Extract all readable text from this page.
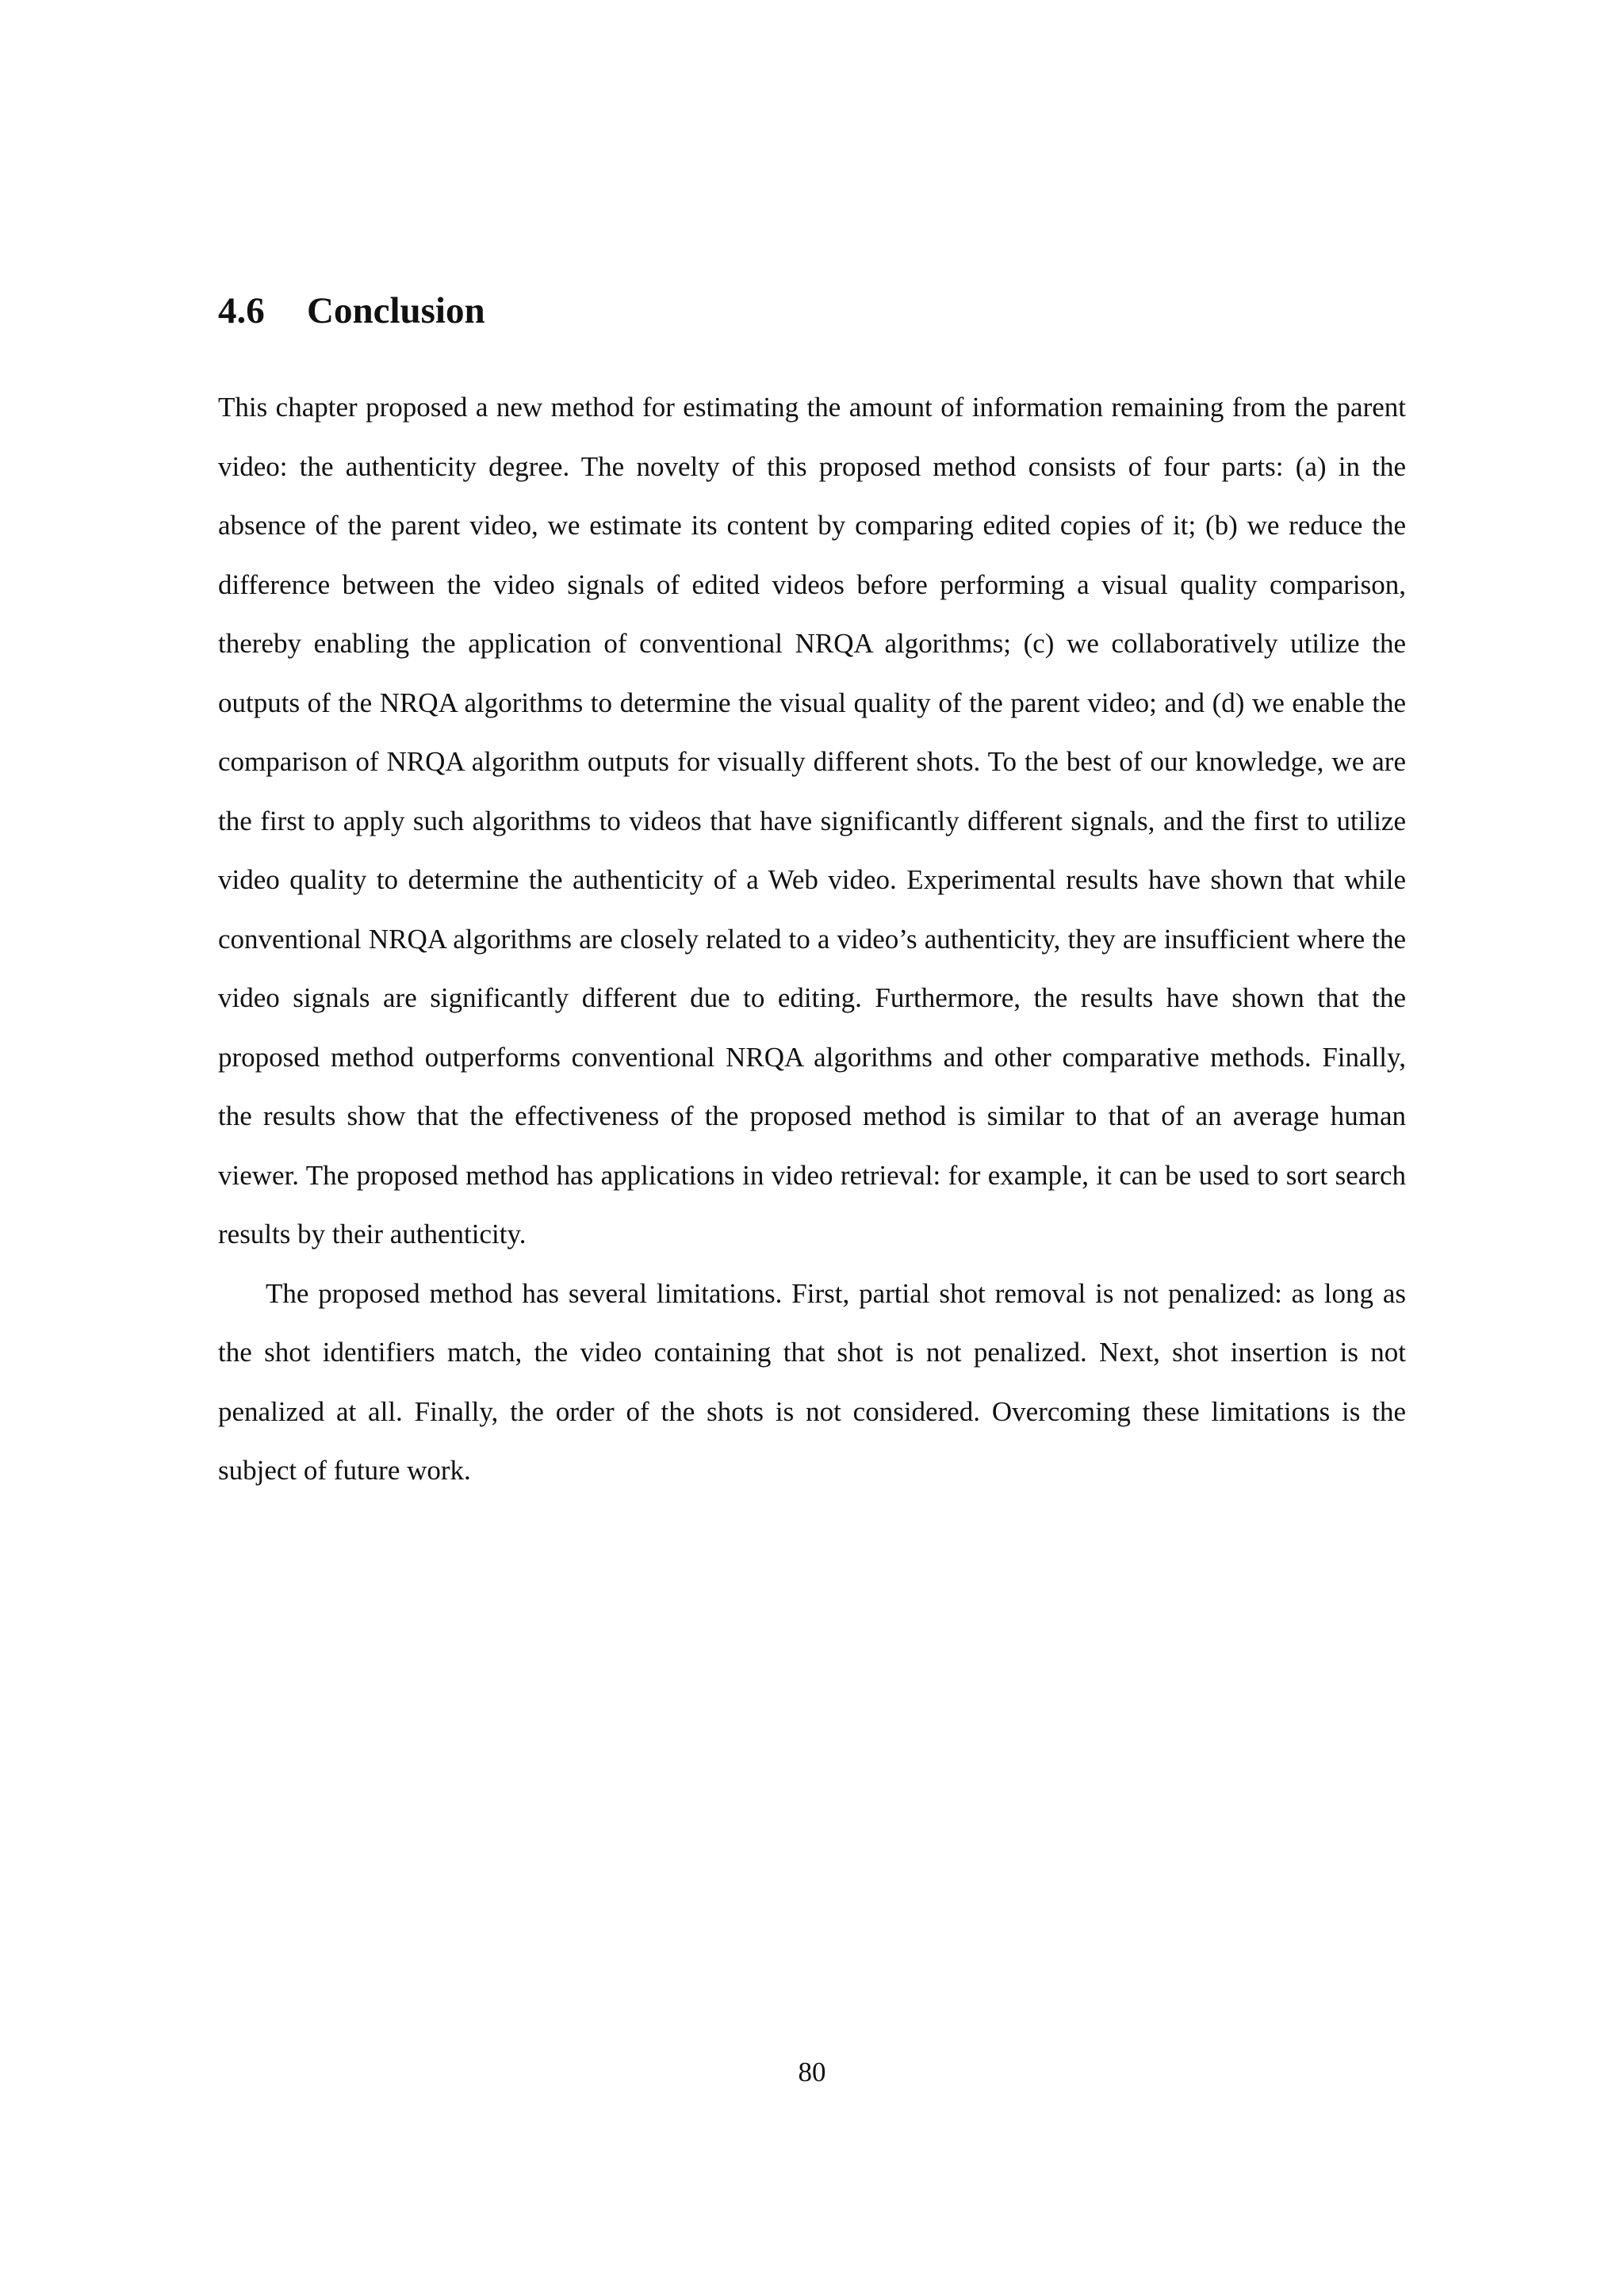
4.6 Conclusion

This chapter proposed a new method for estimating the amount of information remaining from the parent video: the authenticity degree. The novelty of this proposed method consists of four parts: (a) in the absence of the parent video, we estimate its content by comparing edited copies of it; (b) we reduce the difference between the video signals of edited videos before performing a visual quality comparison, thereby enabling the application of conventional NRQA algorithms; (c) we collaboratively utilize the outputs of the NRQA algorithms to determine the visual quality of the parent video; and (d) we enable the comparison of NRQA algorithm outputs for visually different shots. To the best of our knowledge, we are the first to apply such algorithms to videos that have significantly different signals, and the first to utilize video quality to determine the authenticity of a Web video. Experimental results have shown that while conventional NRQA algorithms are closely related to a video’s authenticity, they are insufficient where the video signals are significantly different due to editing. Furthermore, the results have shown that the proposed method outperforms conventional NRQA algorithms and other comparative methods. Finally, the results show that the effectiveness of the proposed method is similar to that of an average human viewer. The proposed method has applications in video retrieval: for example, it can be used to sort search results by their authenticity.

The proposed method has several limitations. First, partial shot removal is not penalized: as long as the shot identifiers match, the video containing that shot is not penalized. Next, shot insertion is not penalized at all. Finally, the order of the shots is not considered. Overcoming these limitations is the subject of future work.

80
